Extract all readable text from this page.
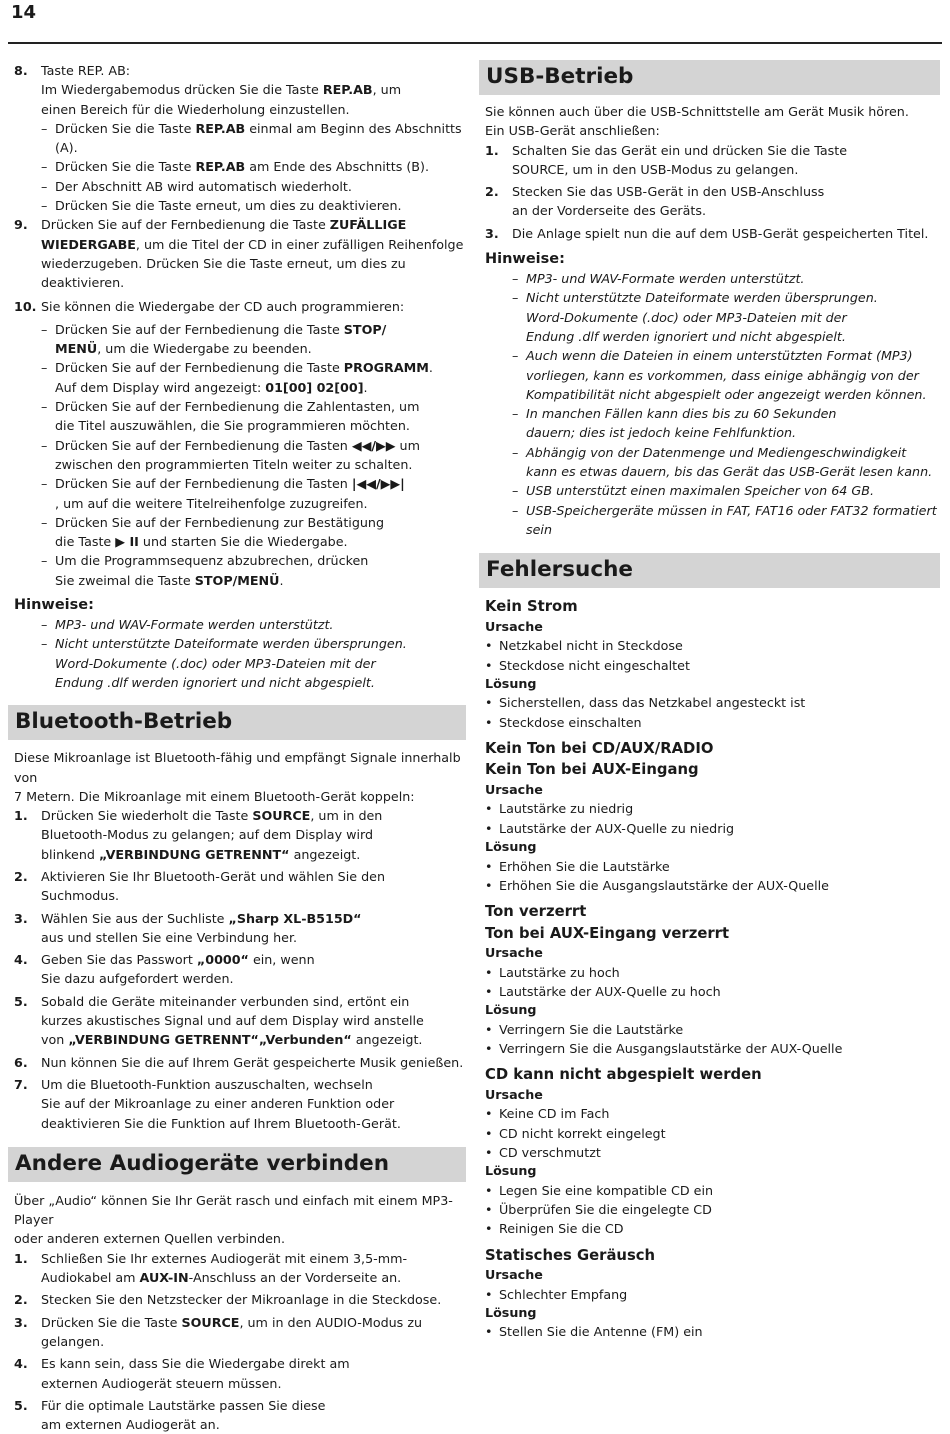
14
8.	Taste REP. AB:
Im Wiedergabemodus drücken Sie die Taste REP.AB, um
einen Bereich für die Wiederholung einzustellen.
– Drücken Sie die Taste REP.AB einmal am Beginn des Abschnitts (A).
– Drücken Sie die Taste REP.AB am Ende des Abschnitts (B).
– Der Abschnitt AB wird automatisch wiederholt.
– Drücken Sie die Taste erneut, um dies zu deaktivieren.
9.	Drücken Sie auf der Fernbedienung die Taste ZUFÄLLIGE
WIEDERGABE, um die Titel der CD in einer zufälligen Reihenfolge
wiederzugeben. Drücken Sie die Taste erneut, um dies zu deaktivieren.
10. Sie können die Wiedergabe der CD auch programmieren:
– Drücken Sie auf der Fernbedienung die Taste STOP/
MENÜ, um die Wiedergabe zu beenden.
– Drücken Sie auf der Fernbedienung die Taste PROGRAMM.
Auf dem Display wird angezeigt: 01[00] 02[00].
– Drücken Sie auf der Fernbedienung die Zahlentasten, um
die Titel auszuwählen, die Sie programmieren möchten.
– Drücken Sie auf der Fernbedienung die Tasten ◀◀/▶▶ um
zwischen den programmierten Titeln weiter zu schalten.
– Drücken Sie auf der Fernbedienung die Tasten |◀◀/▶▶|
, um auf die weitere Titelreihenfolge zuzugreifen.
– Drücken Sie auf der Fernbedienung zur Bestätigung
die Taste ▶ II und starten Sie die Wiedergabe.
– Um die Programmsequenz abzubrechen, drücken
Sie zweimal die Taste STOP/MENÜ.
Hinweise:
– MP3- und WAV-Formate werden unterstützt.
– Nicht unterstützte Dateiformate werden übersprungen.
Word-Dokumente (.doc) oder MP3-Dateien mit der
Endung .dlf werden ignoriert und nicht abgespielt.
Bluetooth-Betrieb
Diese Mikroanlage ist Bluetooth-fähig und empfängt Signale innerhalb von
7 Metern. Die Mikroanlage mit einem Bluetooth-Gerät koppeln:
1.	Drücken Sie wiederholt die Taste SOURCE, um in den
Bluetooth-Modus zu gelangen; auf dem Display wird
blinkend „VERBINDUNG GETRENNT“ angezeigt.
2.	Aktivieren Sie Ihr Bluetooth-Gerät und wählen Sie den Suchmodus.
3.	Wählen Sie aus der Suchliste „Sharp XL-B515D“
aus und stellen Sie eine Verbindung her.
4.	Geben Sie das Passwort „0000“ ein, wenn
Sie dazu aufgefordert werden.
5.	Sobald die Geräte miteinander verbunden sind, ertönt ein
kurzes akustisches Signal und auf dem Display wird anstelle
von „VERBINDUNG GETRENNT“„Verbunden“ angezeigt.
6.	Nun können Sie die auf Ihrem Gerät gespeicherte Musik genießen.
7.	Um die Bluetooth-Funktion auszuschalten, wechseln
Sie auf der Mikroanlage zu einer anderen Funktion oder
deaktivieren Sie die Funktion auf Ihrem Bluetooth-Gerät.
Andere Audiogeräte verbinden
Über „Audio“ können Sie Ihr Gerät rasch und einfach mit einem MP3-Player
oder anderen externen Quellen verbinden.
1.	Schließen Sie Ihr externes Audiogerät mit einem 3,5-mm-
Audiokabel am AUX-IN-Anschluss an der Vorderseite an.
2.	Stecken Sie den Netzstecker der Mikroanlage in die Steckdose.
3.	Drücken Sie die Taste SOURCE, um in den AUDIO-Modus zu gelangen.
4.	Es kann sein, dass Sie die Wiedergabe direkt am
externen Audiogerät steuern müssen.
5.	Für die optimale Lautstärke passen Sie diese
am externen Audiogerät an.
USB-Betrieb
Sie können auch über die USB-Schnittstelle am Gerät Musik hören.
Ein USB-Gerät anschließen:
1.	Schalten Sie das Gerät ein und drücken Sie die Taste
SOURCE, um in den USB-Modus zu gelangen.
2.	Stecken Sie das USB-Gerät in den USB-Anschluss
an der Vorderseite des Geräts.
3.	Die Anlage spielt nun die auf dem USB-Gerät gespeicherten Titel.
Hinweise:
– MP3- und WAV-Formate werden unterstützt.
– Nicht unterstützte Dateiformate werden übersprungen.
Word-Dokumente (.doc) oder MP3-Dateien mit der
Endung .dlf werden ignoriert und nicht abgespielt.
– Auch wenn die Dateien in einem unterstützten Format (MP3)
vorliegen, kann es vorkommen, dass einige abhängig von der
Kompatibilität nicht abgespielt oder angezeigt werden können.
– In manchen Fällen kann dies bis zu 60 Sekunden
dauern; dies ist jedoch keine Fehlfunktion.
– Abhängig von der Datenmenge und Mediengeschwindigkeit
kann es etwas dauern, bis das Gerät das USB-Gerät lesen kann.
– USB unterstützt einen maximalen Speicher von 64 GB.
– USB-Speichergeräte müssen in FAT, FAT16 oder FAT32 formatiert sein
Fehlersuche
Kein Strom
Ursache
• Netzkabel nicht in Steckdose
• Steckdose nicht eingeschaltet
Lösung
• Sicherstellen, dass das Netzkabel angesteckt ist
• Steckdose einschalten
Kein Ton bei CD/AUX/RADIO
Kein Ton bei AUX-Eingang
Ursache
• Lautstärke zu niedrig
• Lautstärke der AUX-Quelle zu niedrig
Lösung
• Erhöhen Sie die Lautstärke
• Erhöhen Sie die Ausgangslautstärke der AUX-Quelle
Ton verzerrt
Ton bei AUX-Eingang verzerrt
Ursache
• Lautstärke zu hoch
• Lautstärke der AUX-Quelle zu hoch
Lösung
• Verringern Sie die Lautstärke
• Verringern Sie die Ausgangslautstärke der AUX-Quelle
CD kann nicht abgespielt werden
Ursache
• Keine CD im Fach
• CD nicht korrekt eingelegt
• CD verschmutzt
Lösung
• Legen Sie eine kompatible CD ein
• Überprüfen Sie die eingelegte CD
• Reinigen Sie die CD
Statisches Geräusch
Ursache
• Schlechter Empfang
Lösung
• Stellen Sie die Antenne (FM) ein
